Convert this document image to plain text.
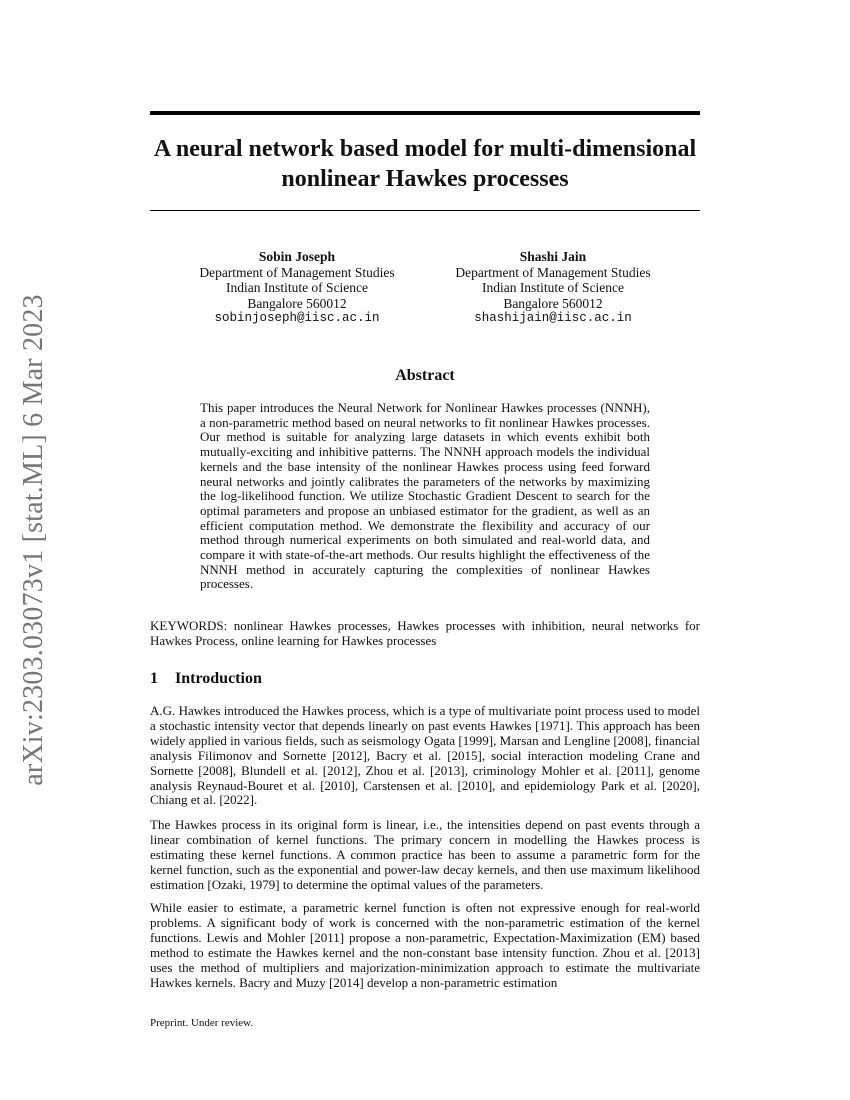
arXiv:2303.03073v1 [stat.ML] 6 Mar 2023
A neural network based model for multi-dimensional nonlinear Hawkes processes
Sobin Joseph
Department of Management Studies
Indian Institute of Science
Bangalore 560012
sobinjoseph@iisc.ac.in
Shashi Jain
Department of Management Studies
Indian Institute of Science
Bangalore 560012
shashijain@iisc.ac.in
Abstract

This paper introduces the Neural Network for Nonlinear Hawkes processes (NNNH), a non-parametric method based on neural networks to fit nonlinear Hawkes processes. Our method is suitable for analyzing large datasets in which events exhibit both mutually-exciting and inhibitive patterns. The NNNH approach models the individual kernels and the base intensity of the nonlinear Hawkes process using feed forward neural networks and jointly calibrates the parameters of the networks by maximizing the log-likelihood function. We utilize Stochastic Gradient Descent to search for the optimal parameters and propose an unbiased estimator for the gradient, as well as an efficient computation method. We demonstrate the flexibility and accuracy of our method through numerical experiments on both simulated and real-world data, and compare it with state-of-the-art methods. Our results highlight the effectiveness of the NNNH method in accurately capturing the complexities of nonlinear Hawkes processes.

KEYWORDS: nonlinear Hawkes processes, Hawkes processes with inhibition, neural networks for Hawkes Process, online learning for Hawkes processes

1 Introduction

A.G. Hawkes introduced the Hawkes process, which is a type of multivariate point process used to model a stochastic intensity vector that depends linearly on past events Hawkes [1971]. This approach has been widely applied in various fields, such as seismology Ogata [1999], Marsan and Lengline [2008], financial analysis Filimonov and Sornette [2012], Bacry et al. [2015], social interaction modeling Crane and Sornette [2008], Blundell et al. [2012], Zhou et al. [2013], criminology Mohler et al. [2011], genome analysis Reynaud-Bouret et al. [2010], Carstensen et al. [2010], and epidemiology Park et al. [2020], Chiang et al. [2022].

The Hawkes process in its original form is linear, i.e., the intensities depend on past events through a linear combination of kernel functions. The primary concern in modelling the Hawkes process is estimating these kernel functions. A common practice has been to assume a parametric form for the kernel function, such as the exponential and power-law decay kernels, and then use maximum likelihood estimation [Ozaki, 1979] to determine the optimal values of the parameters.

While easier to estimate, a parametric kernel function is often not expressive enough for real-world problems. A significant body of work is concerned with the non-parametric estimation of the kernel functions. Lewis and Mohler [2011] propose a non-parametric, Expectation-Maximization (EM) based method to estimate the Hawkes kernel and the non-constant base intensity function. Zhou et al. [2013] uses the method of multipliers and majorization-minimization approach to estimate the multivariate Hawkes kernels. Bacry and Muzy [2014] develop a non-parametric estimation

Preprint. Under review.
